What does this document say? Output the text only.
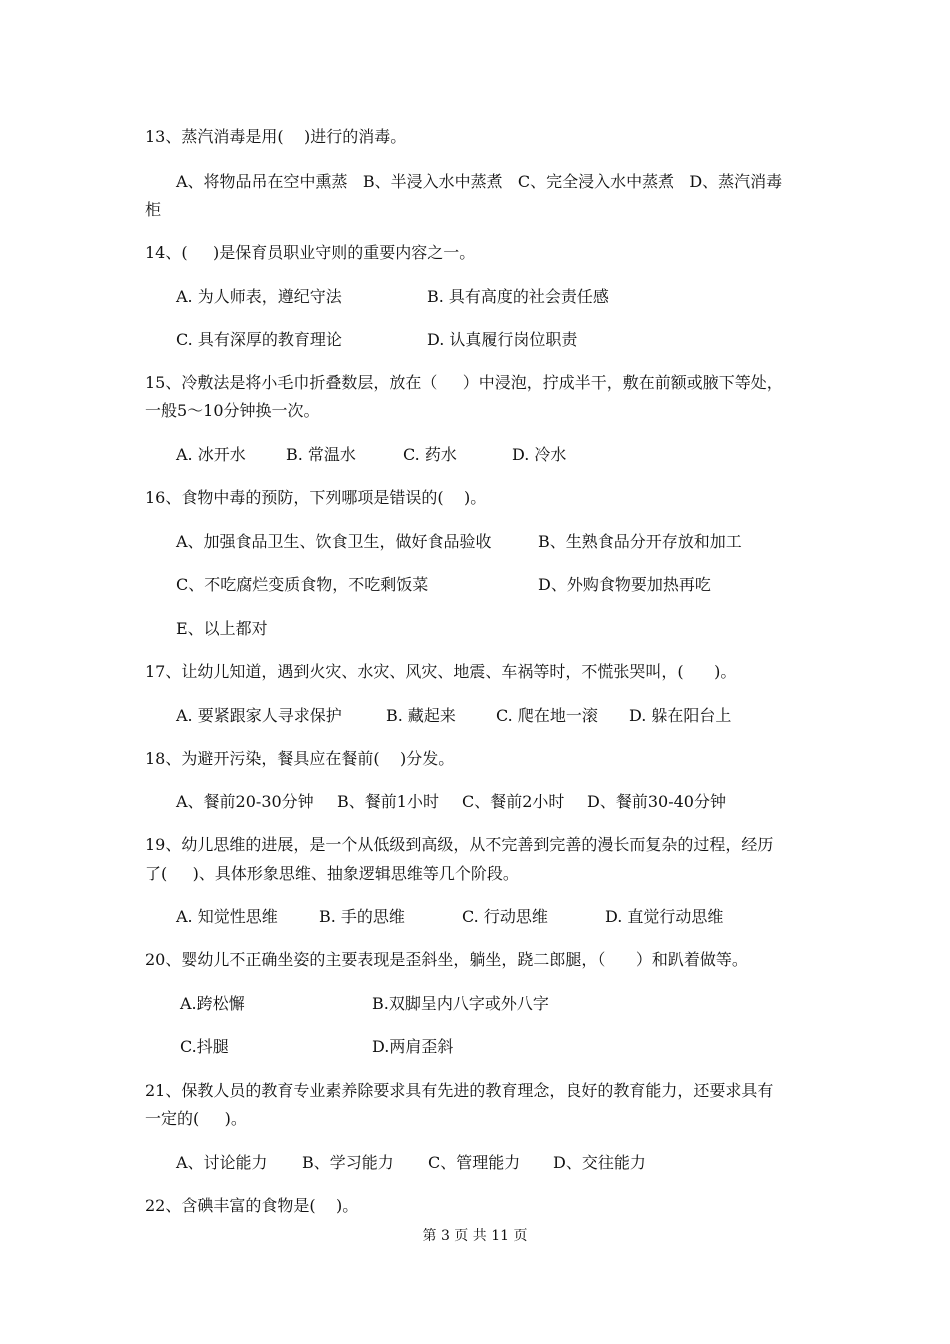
13、蒸汽消毒是用(    )进行的消毒。
A、将物品吊在空中熏蒸   B、半浸入水中蒸煮   C、完全浸入水中蒸煮   D、蒸汽消毒
柜
14、(     )是保育员职业守则的重要内容之一。
A. 为人师表，遵纪守法	B. 具有高度的社会责任感
C. 具有深厚的教育理论	D. 认真履行岗位职责
15、冷敷法是将小毛巾折叠数层，放在（     ）中浸泡，拧成半干，敷在前额或腋下等处，
一般5～10分钟换一次。
A. 冰开水	B. 常温水	C. 药水	D. 冷水
16、食物中毒的预防，下列哪项是错误的(    )。
A、加强食品卫生、饮食卫生，做好食品验收	B、生熟食品分开存放和加工
C、不吃腐烂变质食物，不吃剩饭菜	D、外购食物要加热再吃
E、以上都对
17、让幼儿知道，遇到火灾、水灾、风灾、地震、车祸等时，不慌张哭叫，(      )。
A. 要紧跟家人寻求保护	B. 藏起来	C. 爬在地一滚 D. 躲在阳台上
18、为避开污染，餐具应在餐前(    )分发。
A、餐前20-30分钟 B、餐前1小时 C、餐前2小时 D、餐前30-40分钟
19、幼儿思维的进展，是一个从低级到高级，从不完善到完善的漫长而复杂的过程，经历
了(     )、具体形象思维、抽象逻辑思维等几个阶段。
A. 知觉性思维	B. 手的思维	C. 行动思维	D. 直觉行动思维
20、婴幼儿不正确坐姿的主要表现是歪斜坐，躺坐，跷二郎腿，（      ）和趴着做等。
A.跨松懈	B.双脚呈内八字或外八字
C.抖腿	D.两肩歪斜
21、保教人员的教育专业素养除要求具有先进的教育理念，良好的教育能力，还要求具有
一定的(     )。
A、讨论能力 B、学习能力 C、管理能力 D、交往能力
22、含碘丰富的食物是(    )。
第 3 页 共 11 页
